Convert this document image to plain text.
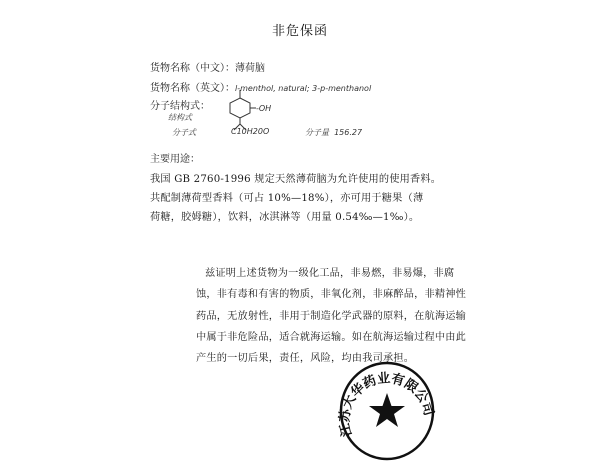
非危保函
货物名称（中文）：薄荷脑
货物名称（英文）：l-menthol, natural; 3-p-menthanol
分子结构式：
结构式
分子式
-OH
C10H20O	分子量 156.27
主要用途：
我国 GB 2760-1996 规定天然薄荷脑为允许使用的使用香料。
共配制薄荷型香料（可占 10%—18%），亦可用于糖果（薄
荷糖，胶姆糖），饮料，冰淇淋等（用量 0.54‰—1‰）。
兹证明上述货物为一级化工品，非易燃，非易爆，非腐
蚀，非有毒和有害的物质，非氧化剂，非麻醉品，非精神性
药品，无放射性，非用于制造化学武器的原料，在航海运输
中属于非危险品，适合就海运输。如在航海运输过程中由此
产生的一切后果，责任，风险，均由我司承担。
江苏大华药业有限公司
